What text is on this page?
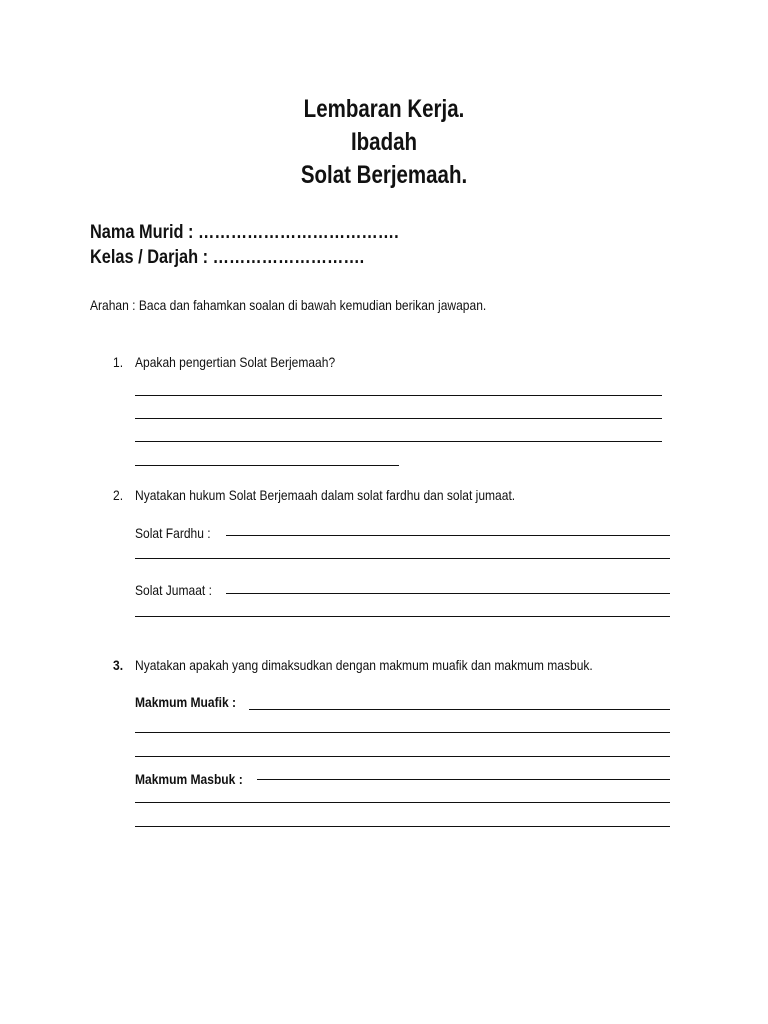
Lembaran Kerja.
Ibadah
Solat Berjemaah.
Nama Murid : ……………………………….
Kelas / Darjah : ……………………….
Arahan : Baca dan fahamkan soalan di bawah kemudian berikan jawapan.
1. Apakah pengertian Solat Berjemaah?
2. Nyatakan hukum Solat Berjemaah dalam solat fardhu dan solat jumaat.
Solat Fardhu :
Solat Jumaat :
3. Nyatakan apakah yang dimaksudkan dengan makmum muafik dan makmum masbuk.
Makmum Muafik :
Makmum Masbuk :
